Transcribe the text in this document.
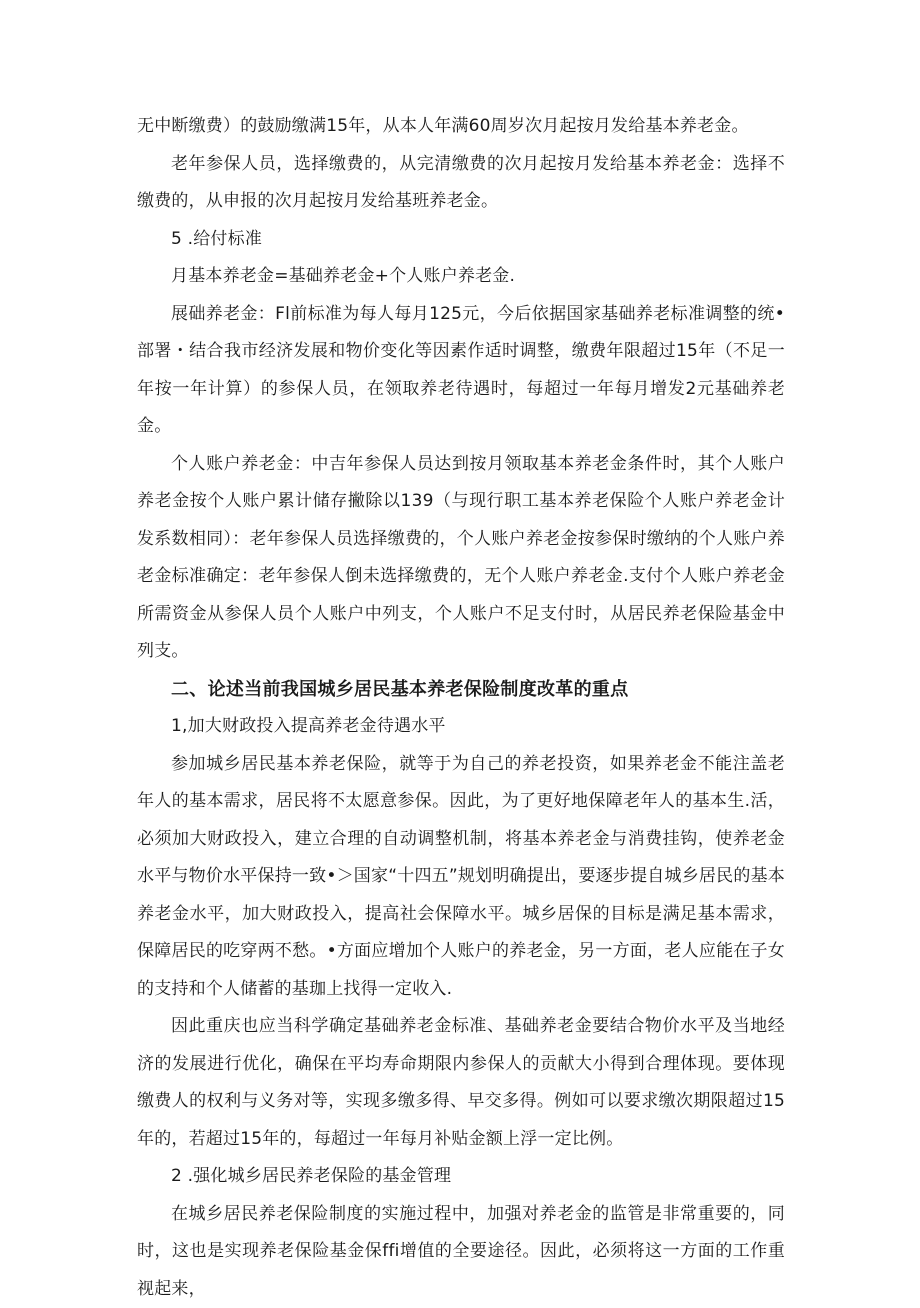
无中断缴费）的鼓励缴满15年，从本人年满60周岁次月起按月发给基本养老金。

老年参保人员，选择缴费的，从完清缴费的次月起按月发给基本养老金：选择不缴费的，从申报的次月起按月发给基班养老金。

5 .给付标准

月基本养老金=基础养老金+个人账户养老金.

展础养老金：Fl前标准为每人每月125元，今后依据国家基础养老标准调整的统•部署・结合我市经济发展和物价变化等因素作适时调整，缴费年限超过15年（不足一年按一年计算）的参保人员，在领取养老待遇时，每超过一年每月增发2元基础养老金。

个人账户养老金：中吉年参保人员达到按月领取基本养老金条件时，其个人账户养老金按个人账户累计储存撇除以139（与现行职工基本养老保险个人账户养老金计发系数相同）：老年参保人员选择缴费的，个人账户养老金按参保时缴纳的个人账户养老金标准确定：老年参保人倒未选择缴费的，无个人账户养老金.支付个人账户养老金所需资金从参保人员个人账户中列支，个人账户不足支付时，从居民养老保险基金中列支。

二、论述当前我国城乡居民基本养老保险制度改革的重点

1,加大财政投入提高养老金待遇水平

参加城乡居民基本养老保险，就等于为自己的养老投资，如果养老金不能注盖老年人的基本需求，居民将不太愿意参保。因此，为了更好地保障老年人的基本生.活，必须加大财政投入，建立合理的自动调整机制，将基本养老金与消费挂钩，使养老金水平与物价水平保持一致•＞国家“十四五”规划明确提出，要逐步提自城乡居民的基本养老金水平，加大财政投入，提高社会保障水平。城乡居保的目标是满足基本需求，保障居民的吃穿两不愁。•方面应增加个人账户的养老金，另一方面，老人应能在子女的支持和个人储蓄的基珈上找得一定收入.

因此重庆也应当科学确定基础养老金标准、基础养老金要结合物价水平及当地经济的发展进行优化，确保在平均寿命期限内参保人的贡献大小得到合理体现。要体现缴费人的权利与义务对等，实现多缴多得、早交多得。例如可以要求缴次期限超过15年的，若超过15年的，每超过一年每月补贴金额上浮一定比例。

2 .强化城乡居民养老保险的基金管理

在城乡居民养老保险制度的实施过程中，加强对养老金的监管是非常重要的，同时，这也是实现养老保险基金保ffi增值的全要途径。因此，必须将这一方面的工作重视起来，
